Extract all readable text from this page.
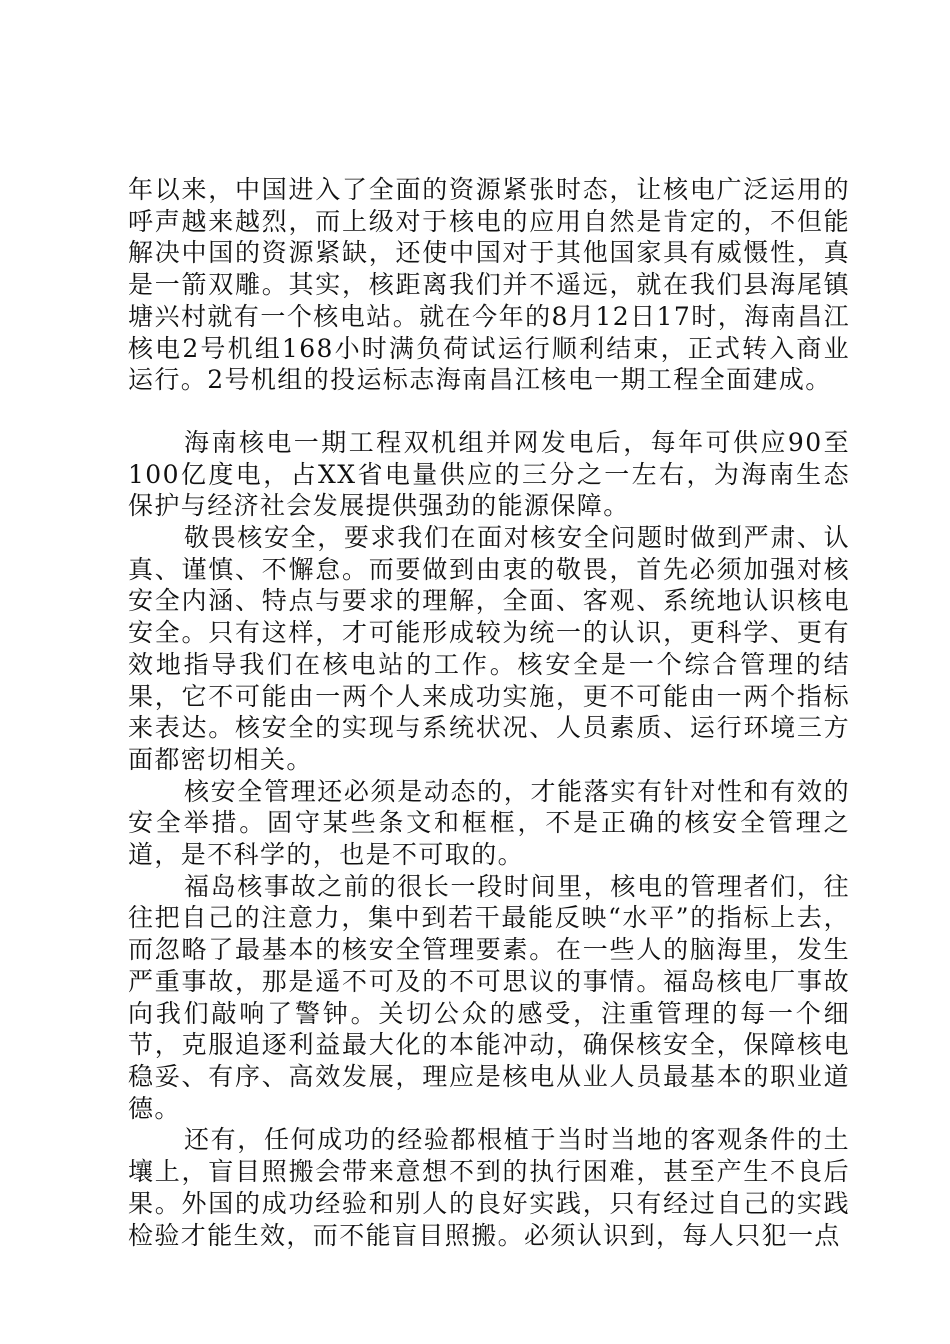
年以来，中国进入了全面的资源紧张时态，让核电广泛运用的呼声越来越烈，而上级对于核电的应用自然是肯定的，不但能解决中国的资源紧缺，还使中国对于其他国家具有威慑性，真是一箭双雕。其实，核距离我们并不遥远，就在我们县海尾镇塘兴村就有一个核电站。就在今年的8月12日17时，海南昌江核电2号机组168小时满负荷试运行顺利结束，正式转入商业运行。2号机组的投运标志海南昌江核电一期工程全面建成。

海南核电一期工程双机组并网发电后，每年可供应90至100亿度电，占XX省电量供应的三分之一左右，为海南生态保护与经济社会发展提供强劲的能源保障。

敬畏核安全，要求我们在面对核安全问题时做到严肃、认真、谨慎、不懈怠。而要做到由衷的敬畏，首先必须加强对核安全内涵、特点与要求的理解，全面、客观、系统地认识核电安全。只有这样，才可能形成较为统一的认识，更科学、更有效地指导我们在核电站的工作。核安全是一个综合管理的结果，它不可能由一两个人来成功实施，更不可能由一两个指标来表达。核安全的实现与系统状况、人员素质、运行环境三方面都密切相关。

核安全管理还必须是动态的，才能落实有针对性和有效的安全举措。固守某些条文和框框，不是正确的核安全管理之道，是不科学的，也是不可取的。

福岛核事故之前的很长一段时间里，核电的管理者们，往往把自己的注意力，集中到若干最能反映“水平”的指标上去，而忽略了最基本的核安全管理要素。在一些人的脑海里，发生严重事故，那是遥不可及的不可思议的事情。福岛核电厂事故向我们敲响了警钟。关切公众的感受，注重管理的每一个细节，克服追逐利益最大化的本能冲动，确保核安全，保障核电稳妥、有序、高效发展，理应是核电从业人员最基本的职业道德。

还有，任何成功的经验都根植于当时当地的客观条件的土壤上，盲目照搬会带来意想不到的执行困难，甚至产生不良后果。外国的成功经验和别人的良好实践，只有经过自己的实践检验才能生效，而不能盲目照搬。必须认识到，每人只犯一点
